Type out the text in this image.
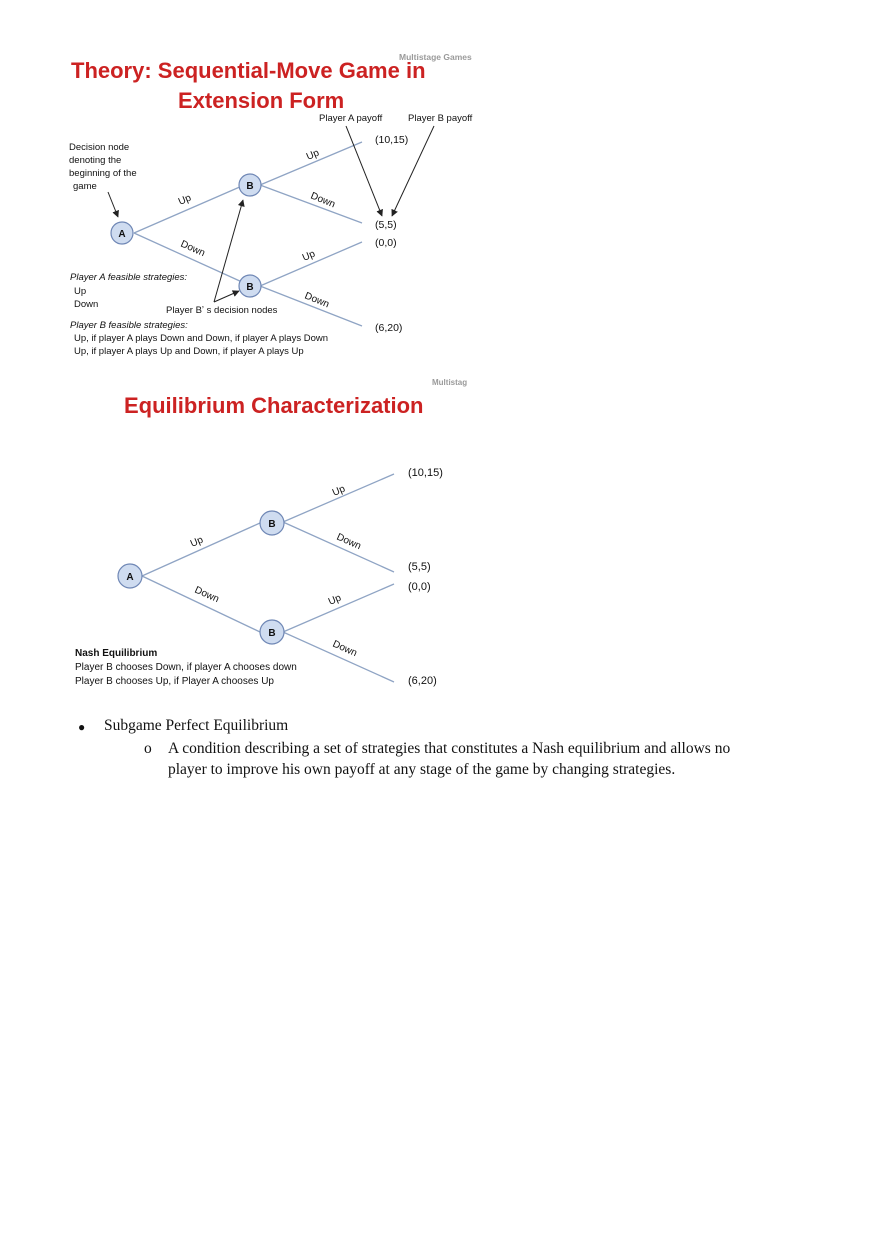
Multistage Games
Theory: Sequential-Move Game in
Extension Form
Player A payoff	Player B payoff
Decision node denoting the beginning of the game
Up
Down
Up
Down
Up
Down
A
B
B
(10,15)
(5,5)
(0,0)
(6,20)
Player A feasible strategies:
Up
Down
Player Bʼ s decision nodes
Player B feasible strategies:
Up, if player A plays Down and Down, if player A plays Down
Up, if player A plays Up and Down, if player A plays Up
Multistag
Equilibrium Characterization
Up
Down
Up
Down
Up
Down
A
B
B
(10,15)
(5,5)
(0,0)
(6,20)
Nash Equilibrium
Player B chooses Down, if player A chooses down
Player B chooses Up, if Player A chooses Up
●	Subgame Perfect Equilibrium
o	A condition describing a set of strategies that constitutes a Nash equilibrium and allows no
player to improve his own payoff at any stage of the game by changing strategies.
